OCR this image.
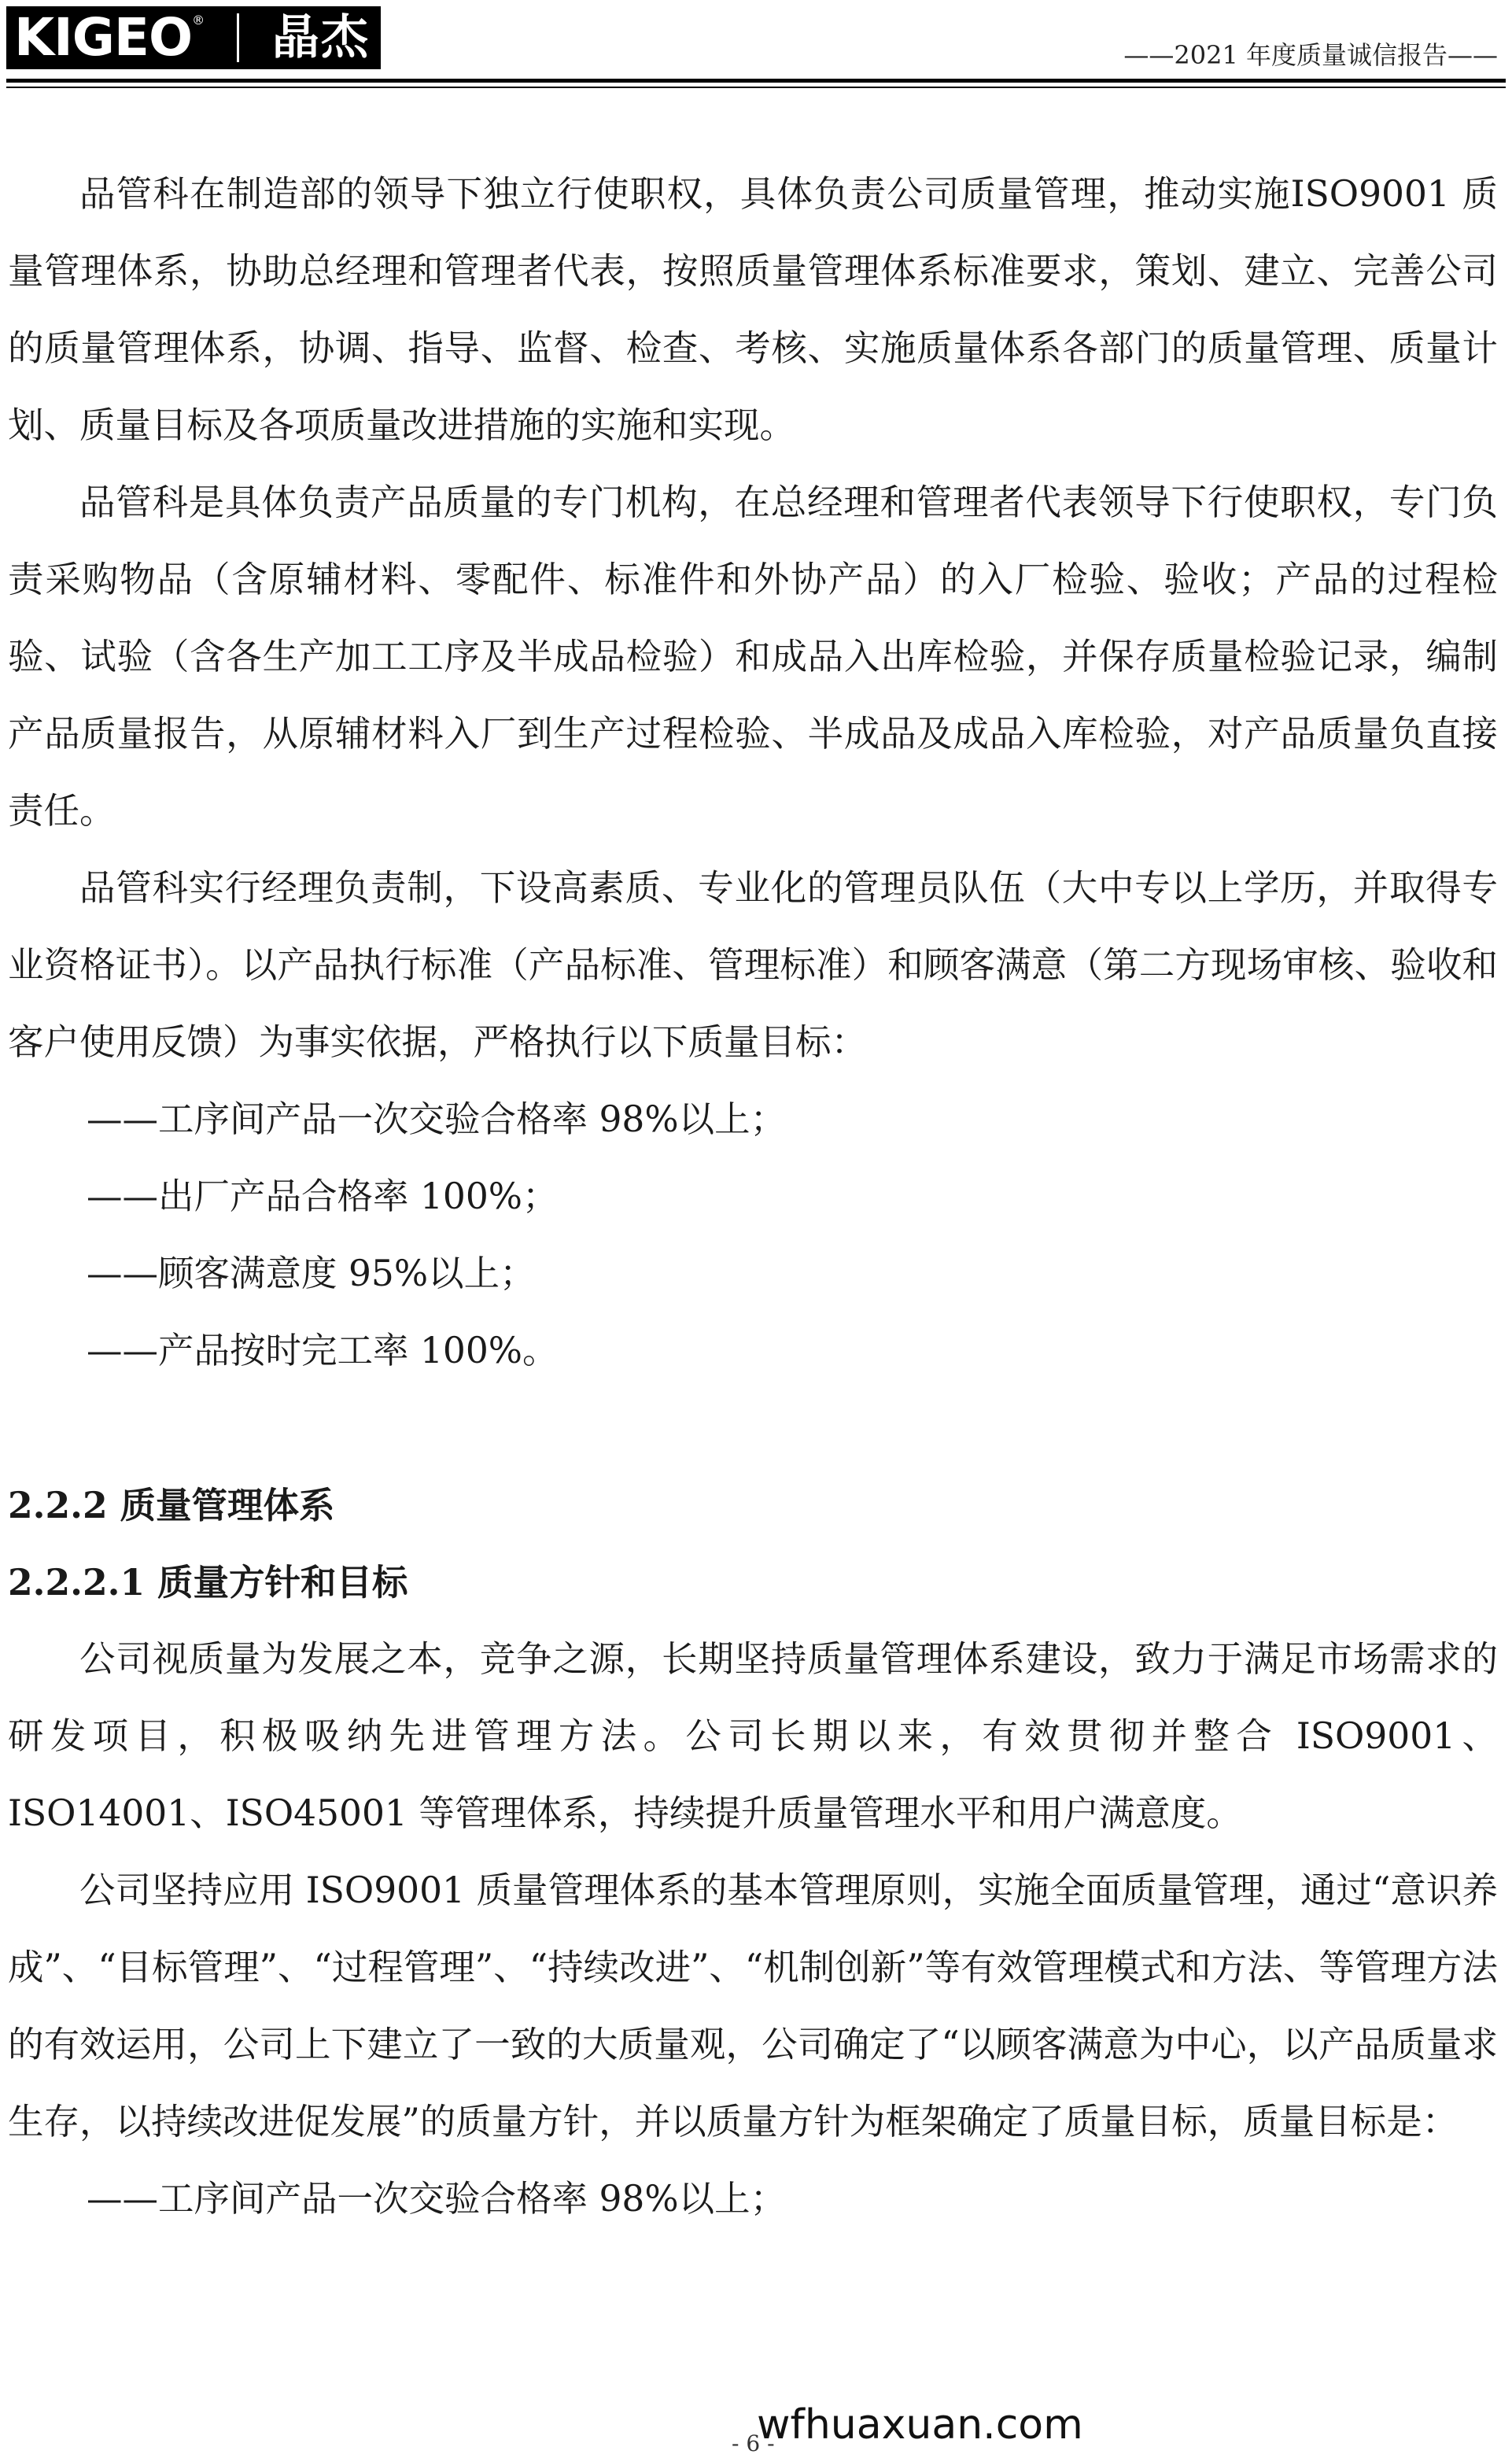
KIGEO® 晶杰	——2021 年度质量诚信报告——

品管科在制造部的领导下独立行使职权，具体负责公司质量管理，推动实施ISO9001 质量管理体系，协助总经理和管理者代表，按照质量管理体系标准要求，策划、建立、完善公司的质量管理体系，协调、指导、监督、检查、考核、实施质量体系各部门的质量管理、质量计划、质量目标及各项质量改进措施的实施和实现。

品管科是具体负责产品质量的专门机构，在总经理和管理者代表领导下行使职权，专门负责采购物品（含原辅材料、零配件、标准件和外协产品）的入厂检验、验收；产品的过程检验、试验（含各生产加工工序及半成品检验）和成品入出库检验，并保存质量检验记录，编制产品质量报告，从原辅材料入厂到生产过程检验、半成品及成品入库检验，对产品质量负直接责任。

品管科实行经理负责制，下设高素质、专业化的管理员队伍（大中专以上学历，并取得专业资格证书）。以产品执行标准（产品标准、管理标准）和顾客满意（第二方现场审核、验收和客户使用反馈）为事实依据，严格执行以下质量目标：

——工序间产品一次交验合格率 98%以上；

——出厂产品合格率 100%；

——顾客满意度 95%以上；

——产品按时完工率 100%。

2.2.2 质量管理体系

2.2.2.1 质量方针和目标

公司视质量为发展之本，竞争之源，长期坚持质量管理体系建设，致力于满足市场需求的研发项目，积极吸纳先进管理方法。公司长期以来，有效贯彻并整合 ISO9001、ISO14001、ISO45001 等管理体系，持续提升质量管理水平和用户满意度。

公司坚持应用 ISO9001 质量管理体系的基本管理原则，实施全面质量管理，通过“意识养成”、“目标管理”、“过程管理”、“持续改进”、“机制创新”等有效管理模式和方法、等管理方法的有效运用，公司上下建立了一致的大质量观，公司确定了“以顾客满意为中心，以产品质量求生存，以持续改进促发展”的质量方针，并以质量方针为框架确定了质量目标，质量目标是：

——工序间产品一次交验合格率 98%以上；

wfhuaxuan.com
- 6 -
